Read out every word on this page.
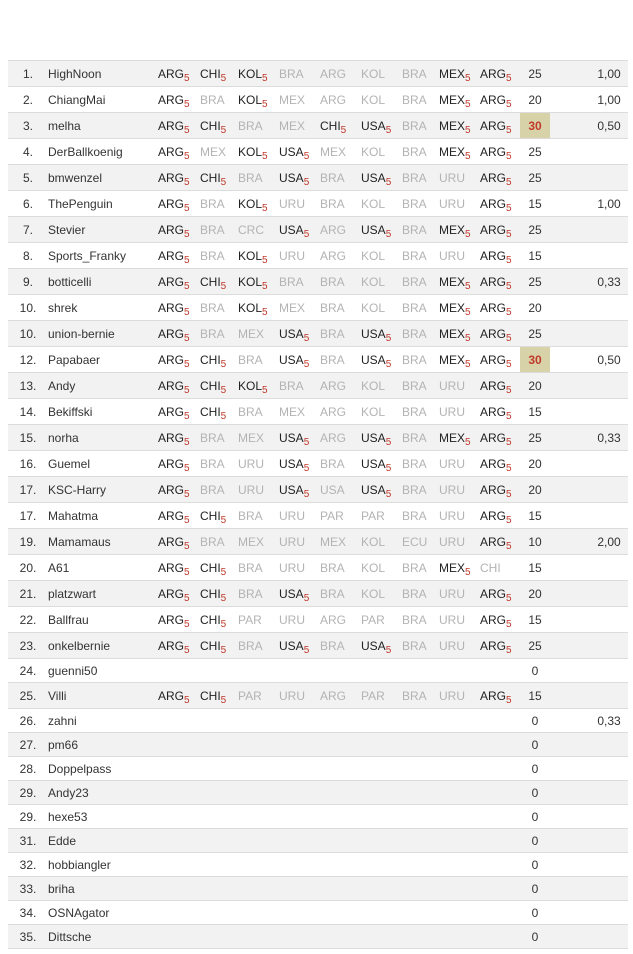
1.	HighNoon	$ARG_5$	$CHI_5$	$KOL_5$	BRA	ARG	KOL	BRA	$MEX_5$	$ARG_5$	25		1,00	
2.	ChiangMai	$ARG_5$	BRA	$KOL_5$	MEX	ARG	KOL	BRA	$MEX_5$	$ARG_5$	20		1,00	
3.	melha	$ARG_5$	$CHI_5$	BRA	MEX	$CHI_5$	$USA_5$	BRA	$MEX_5$	$ARG_5$	30		0,50	
4.	DerBallkoenig	$ARG_5$	MEX	$KOL_5$	$USA_5$	MEX	KOL	BRA	$MEX_5$	$ARG_5$	25			
5.	bmwenzel	$ARG_5$	$CHI_5$	BRA	$USA_5$	BRA	$USA_5$	BRA	URU	$ARG_5$	25			
6.	ThePenguin	$ARG_5$	BRA	$KOL_5$	URU	BRA	KOL	BRA	URU	$ARG_5$	15		1,00	
7.	Stevier	$ARG_5$	BRA	CRC	$USA_5$	ARG	$USA_5$	BRA	$MEX_5$	$ARG_5$	25			
8.	Sports_Franky	$ARG_5$	BRA	$KOL_5$	URU	ARG	KOL	BRA	URU	$ARG_5$	15			
9.	botticelli	$ARG_5$	$CHI_5$	$KOL_5$	BRA	BRA	KOL	BRA	$MEX_5$	$ARG_5$	25		0,33	
10.	shrek	$ARG_5$	BRA	$KOL_5$	MEX	BRA	KOL	BRA	$MEX_5$	$ARG_5$	20			
10.	union-bernie	$ARG_5$	BRA	MEX	$USA_5$	BRA	$USA_5$	BRA	$MEX_5$	$ARG_5$	25			
12.	Papabaer	$ARG_5$	$CHI_5$	BRA	$USA_5$	BRA	$USA_5$	BRA	$MEX_5$	$ARG_5$	30		0,50	
13.	Andy	$ARG_5$	$CHI_5$	$KOL_5$	BRA	ARG	KOL	BRA	URU	$ARG_5$	20			
14.	Bekiffski	$ARG_5$	$CHI_5$	BRA	MEX	ARG	KOL	BRA	URU	$ARG_5$	15			
15.	norha	$ARG_5$	BRA	MEX	$USA_5$	ARG	$USA_5$	BRA	$MEX_5$	$ARG_5$	25		0,33	
16.	Guemel	$ARG_5$	BRA	URU	$USA_5$	BRA	$USA_5$	BRA	URU	$ARG_5$	20			
17.	KSC-Harry	$ARG_5$	BRA	URU	$USA_5$	USA	$USA_5$	BRA	URU	$ARG_5$	20			
17.	Mahatma	$ARG_5$	$CHI_5$	BRA	URU	PAR	PAR	BRA	URU	$ARG_5$	15			
19.	Mamamaus	$ARG_5$	BRA	MEX	URU	MEX	KOL	ECU	URU	$ARG_5$	10		2,00	
20.	A61	$ARG_5$	$CHI_5$	BRA	URU	BRA	KOL	BRA	$MEX_5$	CHI	15			
21.	platzwart	$ARG_5$	$CHI_5$	BRA	$USA_5$	BRA	KOL	BRA	URU	$ARG_5$	20			
22.	Ballfrau	$ARG_5$	$CHI_5$	PAR	URU	ARG	PAR	BRA	URU	$ARG_5$	15			
23.	onkelbernie	$ARG_5$	$CHI_5$	BRA	$USA_5$	BRA	$USA_5$	BRA	URU	$ARG_5$	25			
24.	guenni50										0			
25.	Villi	$ARG_5$	$CHI_5$	PAR	URU	ARG	PAR	BRA	URU	$ARG_5$	15			
26.	zahni										0		0,33	
27.	pm66										0			
28.	Doppelpass										0			
29.	Andy23										0			
29.	hexe53										0			
31.	Edde										0			
32.	hobbiangler										0			
33.	briha										0			
34.	OSNAgator										0			
35.	Dittsche										0			
